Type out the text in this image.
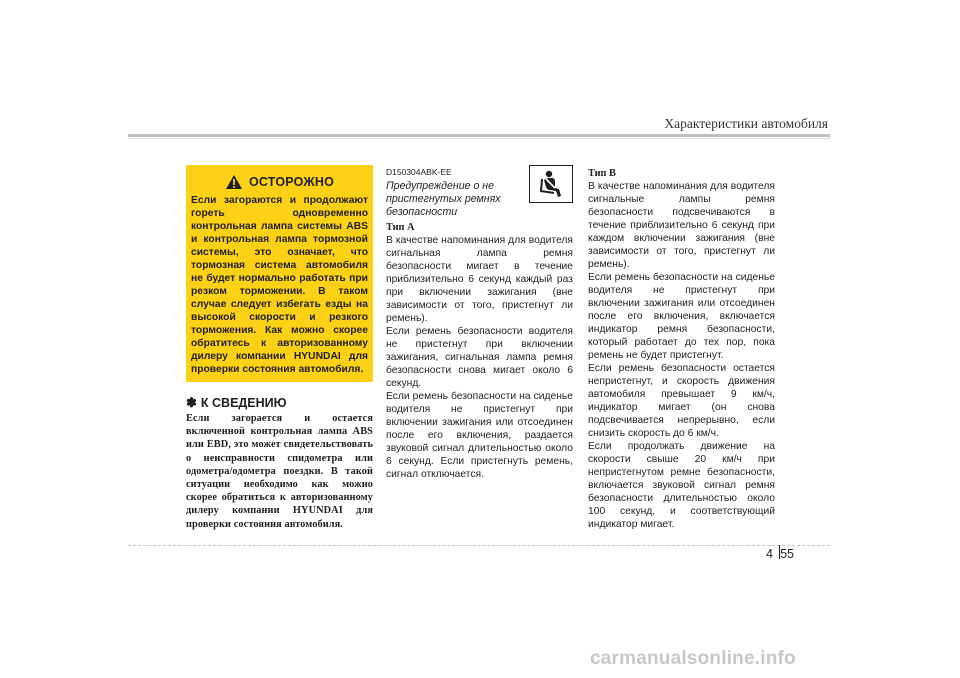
Характеристики автомобиля
ОСТОРОЖНО
Если загораются и продолжают гореть одновременно контрольная лампа системы ABS и контрольная лампа тормозной системы, это означает, что тормозная система автомобиля не будет нормально работать при резком торможении. В таком случае следует избегать езды на высокой скорости и резкого торможения. Как можно скорее обратитесь к авторизованному дилеру компании HYUNDAI для проверки состояния автомобиля.
✽ К СВЕДЕНИЮ
Если загорается и остается включенной контрольная лампа ABS или EBD, это может свидетельствовать о неисправности спидометра или одометра/одометра поездки. В такой ситуации необходимо как можно скорее обратиться к авторизованному дилеру компании HYUNDAI для проверки состояния автомобиля.
D150304ABK-EE
Предупреждение о не пристегнутых ремнях безопасности
Тип А

В качестве напоминания для водителя сигнальная лампа ремня безопасности мигает в течение приблизительно 6 секунд каждый раз при включении зажигания (вне зависимости от того, пристегнут ли ремень).

Если ремень безопасности водителя не пристегнут при включении зажигания, сигнальная лампа ремня безопасности снова мигает около 6 секунд.

Если ремень безопасности на сиденье водителя не пристегнут при включении зажигания или отсоединен после его включения, раздается звуковой сигнал длительностью около 6 секунд. Если пристегнуть ремень, сигнал отключается.

Тип B

В качестве напоминания для водителя сигнальные лампы ремня безопасности подсвечиваются в течение приблизительно 6 секунд при каждом включении зажигания (вне зависимости от того, пристегнут ли ремень).

Если ремень безопасности на сиденье водителя не пристегнут при включении зажигания или отсоединен после его включения, включается индикатор ремня безопасности, который работает до тех пор, пока ремень не будет пристегнут.

Если ремень безопасности остается непристегнут, и скорость движения автомобиля превышает 9 км/ч, индикатор мигает (он снова подсвечивается непрерывно, если снизить скорость до 6 км/ч.

Если продолжать движение на скорости свыше 20 км/ч при непристегнутом ремне безопасности, включается звуковой сигнал ремня безопасности длительностью около 100 секунд, и соответствующий индикатор мигает.

4 55
carmanualsonline.info
